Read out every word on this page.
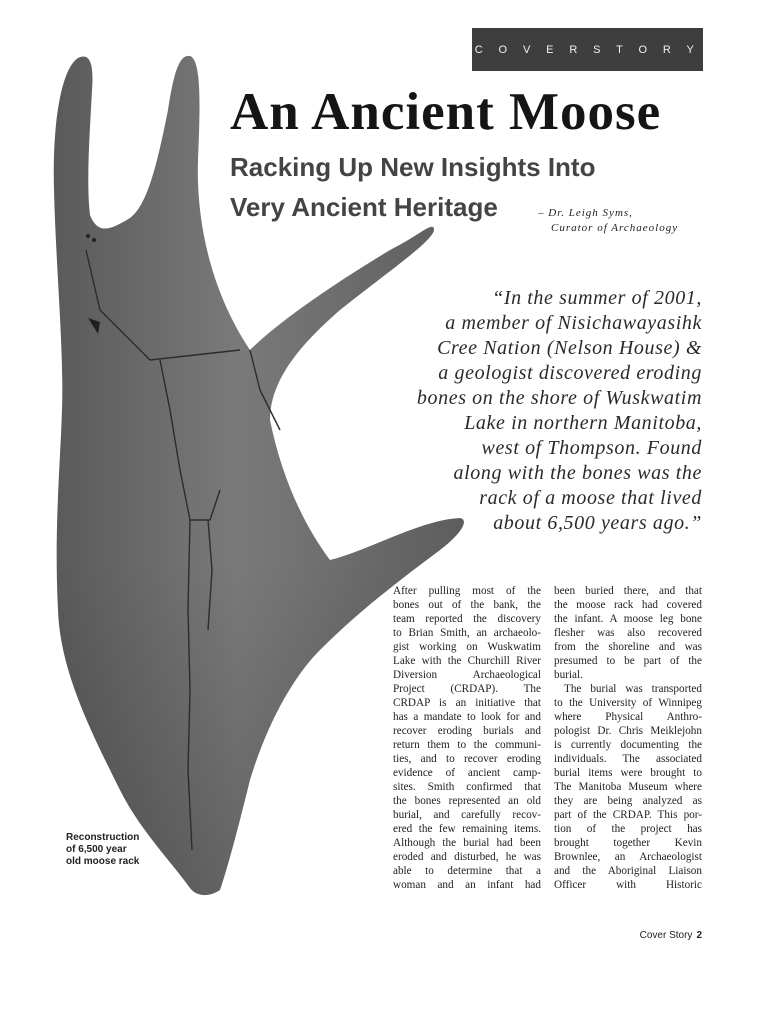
C O V E R S T O R Y
An Ancient Moose
Racking Up New Insights Into
Very Ancient Heritage	– Dr. Leigh Syms,
Curator of Archaeology
“In the summer of 2001,
a member of Nisichawayasihk
Cree Nation (Nelson House) &
a geologist discovered eroding
bones on the shore of Wuskwatim
Lake in northern Manitoba,
west of Thompson. Found
along with the bones was the
rack of a moose that lived
about 6,500 years ago.”
After pulling most of the
bones out of the bank, the
team reported the discovery
to Brian Smith, an archaeolo-
gist working on Wuskwatim
Lake with the Churchill River
Diversion Archaeological
Project (CRDAP). The
CRDAP is an initiative that
has a mandate to look for and
recover eroding burials and
return them to the communi-
ties, and to recover eroding
evidence of ancient camp-
sites. Smith confirmed that
the bones represented an old
burial, and carefully recov-
ered the few remaining items.
Although the burial had been
eroded and disturbed, he was
able to determine that a
woman and an infant had
been buried there, and that
the moose rack had covered
the infant. A moose leg bone
flesher was also recovered
from the shoreline and was
presumed to be part of the
burial.
The burial was transported
to the University of Winnipeg
where Physical Anthro-
pologist Dr. Chris Meiklejohn
is currently documenting the
individuals. The associated
burial items were brought to
The Manitoba Museum where
they are being analyzed as
part of the CRDAP. This por-
tion of the project has
brought together Kevin
Brownlee, an Archaeologist
and the Aboriginal Liaison
Officer with Historic
Reconstruction
of 6,500 year
old moose rack
Cover Story 2
